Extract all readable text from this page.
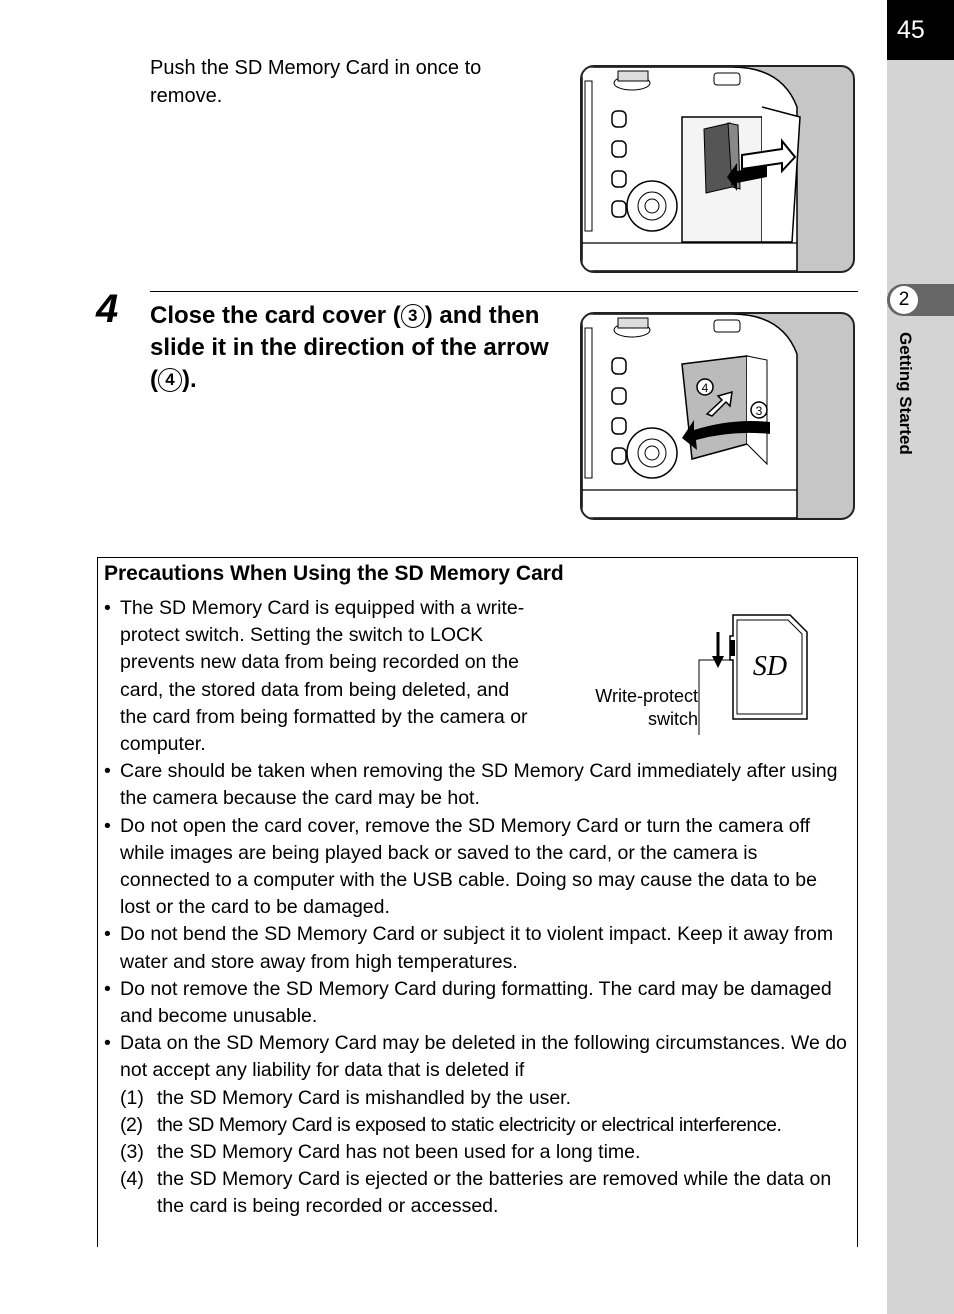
45
2
Getting Started
Push the SD Memory Card in once to remove.
4 Close the card cover ( 3 ) and then slide it in the direction of the arrow ( 4 ).	4
3
Precautions When Using the SD Memory Card
• The SD Memory Card is equipped with a write-protect switch. Setting the switch to LOCK prevents new data from being recorded on the card, the stored data from being deleted, and the card from being formatted by the camera or computer.
• Care should be taken when removing the SD Memory Card immediately after using the camera because the card may be hot.
• Do not open the card cover, remove the SD Memory Card or turn the camera off while images are being played back or saved to the card, or the camera is connected to a computer with the USB cable. Doing so may cause the data to be lost or the card to be damaged.
• Do not bend the SD Memory Card or subject it to violent impact. Keep it away from water and store away from high temperatures.
• Do not remove the SD Memory Card during formatting. The card may be damaged and become unusable.
• Data on the SD Memory Card may be deleted in the following circumstances. We do not accept any liability for data that is deleted if
(1) the SD Memory Card is mishandled by the user.
(2) the SD Memory Card is exposed to static electricity or electrical interference.
(3) the SD Memory Card has not been used for a long time.
(4) the SD Memory Card is ejected or the batteries are removed while the data on the card is being recorded or accessed.
SD
Write-protect switch
